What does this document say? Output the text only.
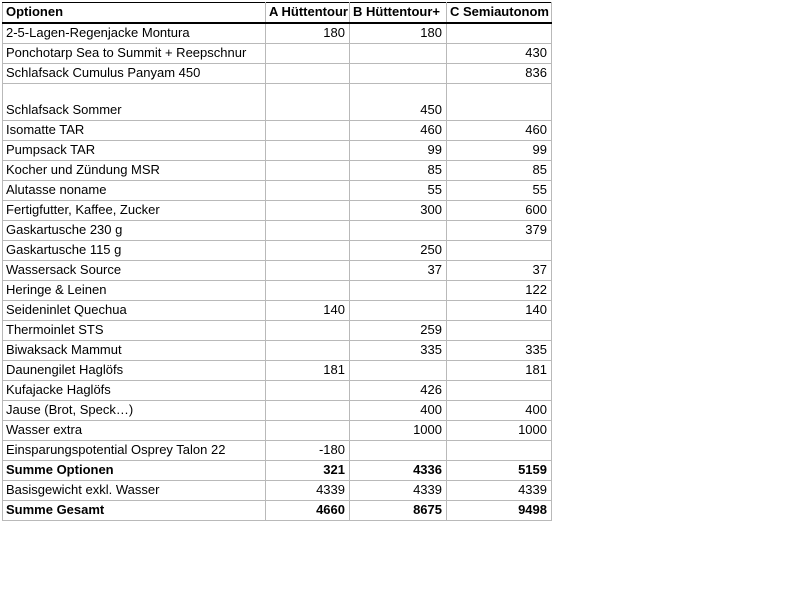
Optionen	A Hüttentour	B Hüttentour+	C Semiautonom
2-5-Lagen-Regenjacke Montura	180	180	
Ponchotarp Sea to Summit + Reepschnur			430
Schlafsack Cumulus Panyam 450			836
Schlafsack Sommer		450	
Isomatte TAR		460	460
Pumpsack TAR		99	99
Kocher und Zündung MSR		85	85
Alutasse noname		55	55
Fertigfutter, Kaffee, Zucker		300	600
Gaskartusche 230 g			379
Gaskartusche 115 g		250	
Wassersack Source		37	37
Heringe & Leinen			122
Seideninlet Quechua	140		140
Thermoinlet STS		259	
Biwaksack Mammut		335	335
Daunengilet Haglöfs	181		181
Kufajacke Haglöfs		426	
Jause (Brot, Speck…)		400	400
Wasser extra		1000	1000
Einsparungspotential Osprey Talon 22	-180		
Summe Optionen	321	4336	5159
Basisgewicht exkl. Wasser	4339	4339	4339
Summe Gesamt	4660	8675	9498
